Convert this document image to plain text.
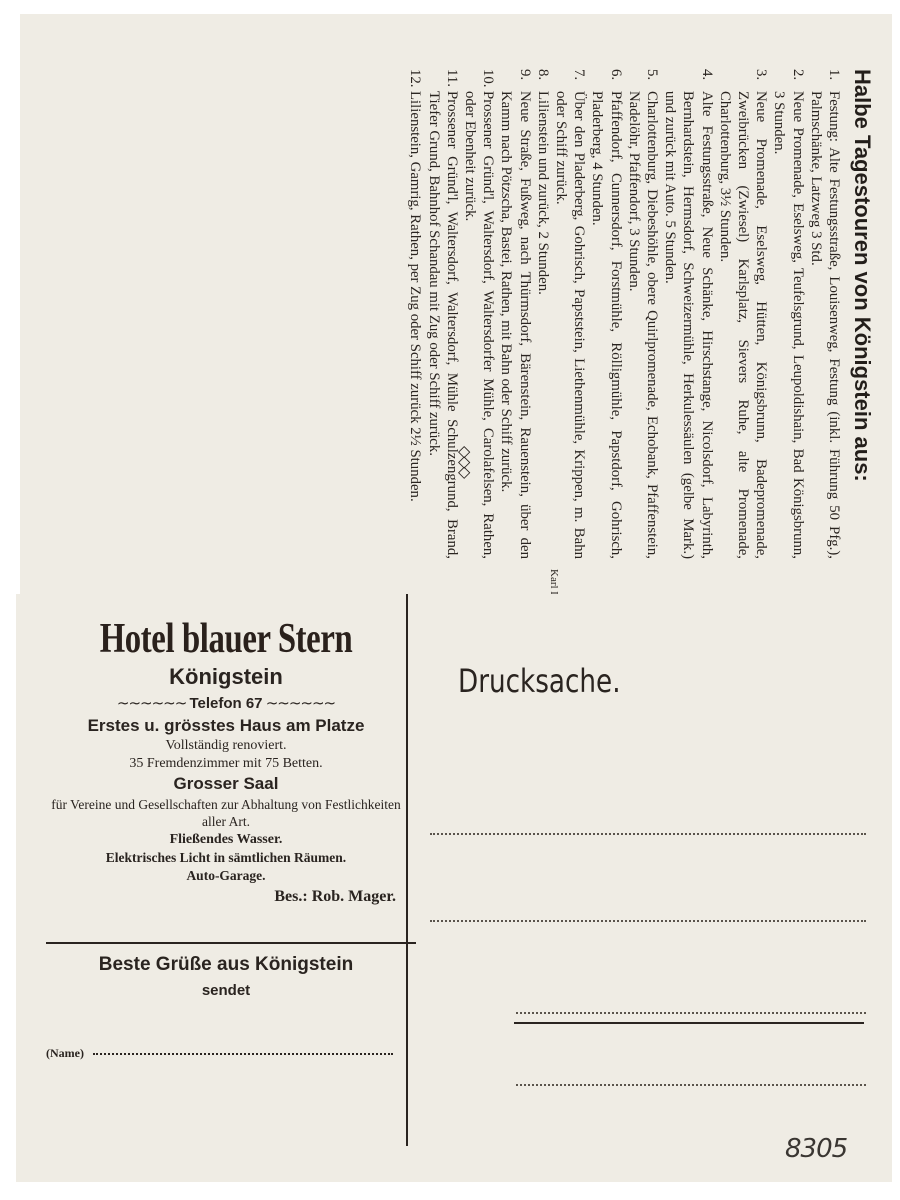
Halbe Tagestouren von Königstein aus:
1.
Festung: Alte Festungsstraße, Louisenweg, Festung (inkl. Führung 50 Pfg.), Palmschänke, Latzweg 3 Std.
2.
Neue Promenade, Eselsweg, Teufelsgrund, Leupoldishain, Bad Königsbrunn, 3 Stunden.
3.
Neue Promenade, Eselsweg, Hütten, Königsbrunn, Badepromenade, Zweibrücken (Zwiesel) Karlsplatz, Sievers Ruhe, alte Promenade, Charlottenburg, 3½ Stunden.
4.
Alte Festungsstraße, Neue Schänke, Hirschstange, Nicolsdorf, Labyrinth, Bernhardstein, Hermsdorf, Schweizermühle, Herkulessäulen (gelbe Mark.) und zurück mit Auto. 5 Stunden.
5.
Charlottenburg, Diebeshöhle, obere Quirlpromenade, Echobank, Pfaffenstein, Nadelöhr, Pfaffendorf, 3 Stunden.
6.
Pfaffendorf, Cunnersdorf, Forstmühle, Rölligmühle, Papstdorf, Gohrisch, Pladerberg, 4 Stunden.
7.
Über den Pladerberg, Gohrisch, Papststein, Liethenmühle, Krippen, m. Bahn oder Schiff zurück.
8.
Lilienstein und zurück, 2 Stunden.
9.
Neue Straße, Fußweg, nach Thürmsdorf, Bärenstein, Rauenstein, über den Kamm nach Pötzscha, Bastei, Rathen, mit Bahn oder Schiff zurück.
10.
Prossener Gründ'l, Waltersdorf, Waltersdorfer Mühle, Carolafelsen, Rathen, oder Ebenheit zurück.
11.
Prossener Gründ'l, Waltersdorf, Waltersdorf, Mühle Schulzengrund, Brand, Tiefer Grund, Bahnhof Schandau mit Zug oder Schiff zurück.
12.
Lilienstein, Gamrig, Rathen, per Zug oder Schiff zurück 2½ Stunden. ◇◇◇
Hotel blauer Stern
Königstein
∼∼∼∼∼∼ Telefon 67 ∼∼∼∼∼∼
Erstes u. grösstes Haus am Platze
Vollständig renoviert.
35 Fremdenzimmer mit 75 Betten.
Grosser Saal
für Vereine und Gesellschaften zur Abhaltung von Festlichkeiten aller Art.
Fließendes Wasser.
Elektrisches Licht in sämtlichen Räumen.
Auto-Garage.
Bes.: Rob. Mager.
Beste Grüße aus Königstein
sendet
(Name)
Drucksache.
8305
